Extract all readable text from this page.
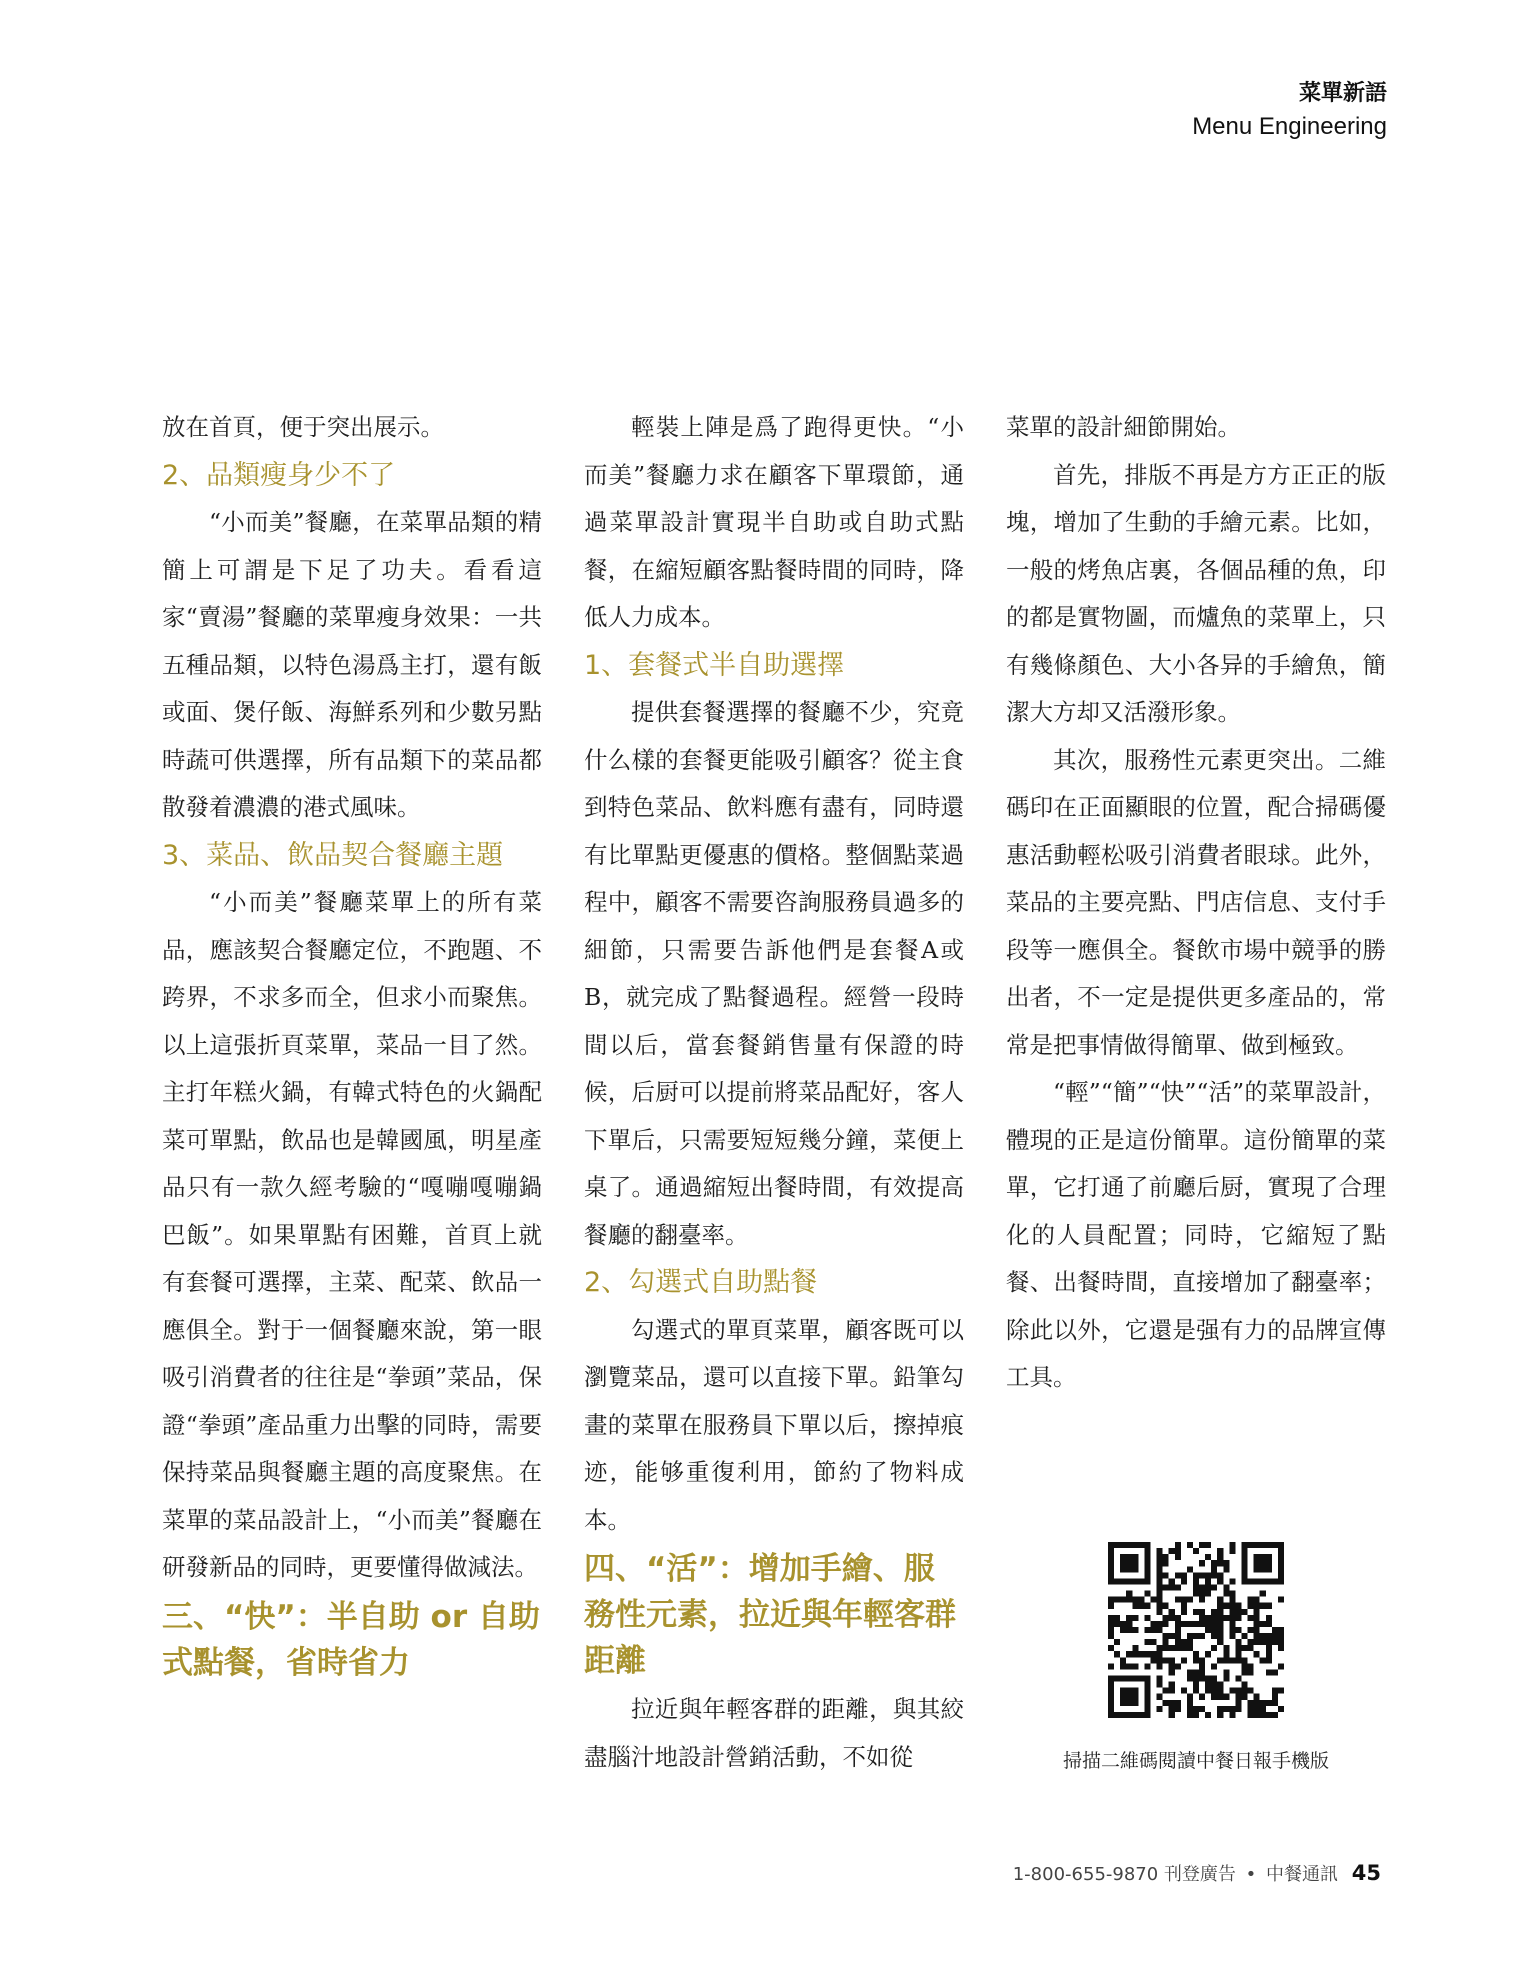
菜單新語
Menu Engineering

放在首頁，便于突出展示。

2、品類瘦身少不了

“小而美”餐廳，在菜單品類的精簡上可謂是下足了功夫。看看這家“賣湯”餐廳的菜單瘦身效果：一共五種品類，以特色湯爲主打，還有飯或面、煲仔飯、海鮮系列和少數另點時蔬可供選擇，所有品類下的菜品都散發着濃濃的港式風味。

3、菜品、飲品契合餐廳主題

“小而美”餐廳菜單上的所有菜品，應該契合餐廳定位，不跑題、不跨界，不求多而全，但求小而聚焦。以上這張折頁菜單，菜品一目了然。主打年糕火鍋，有韓式特色的火鍋配菜可單點，飲品也是韓國風，明星產品只有一款久經考驗的“嘎嘣嘎嘣鍋巴飯”。如果單點有困難，首頁上就有套餐可選擇，主菜、配菜、飲品一應俱全。對于一個餐廳來說，第一眼吸引消費者的往往是“拳頭”菜品，保證“拳頭”產品重力出擊的同時，需要保持菜品與餐廳主題的高度聚焦。在菜單的菜品設計上，“小而美”餐廳在研發新品的同時，更要懂得做減法。

三、“快”：半自助 or 自助式點餐，省時省力

輕裝上陣是爲了跑得更快。“小而美”餐廳力求在顧客下單環節，通過菜單設計實現半自助或自助式點餐，在縮短顧客點餐時間的同時，降低人力成本。

1、套餐式半自助選擇

提供套餐選擇的餐廳不少，究竟什么樣的套餐更能吸引顧客？從主食到特色菜品、飲料應有盡有，同時還有比單點更優惠的價格。整個點菜過程中，顧客不需要咨詢服務員過多的細節，只需要告訴他們是套餐A或B，就完成了點餐過程。經營一段時間以后，當套餐銷售量有保證的時候，后厨可以提前將菜品配好，客人下單后，只需要短短幾分鐘，菜便上桌了。通過縮短出餐時間，有效提高餐廳的翻臺率。

2、勾選式自助點餐

勾選式的單頁菜單，顧客既可以瀏覽菜品，還可以直接下單。鉛筆勾畫的菜單在服務員下單以后，擦掉痕迹，能够重復利用，節約了物料成本。

四、“活”：增加手繪、服務性元素，拉近與年輕客群距離

拉近與年輕客群的距離，與其絞盡腦汁地設計營銷活動，不如從

菜單的設計細節開始。

首先，排版不再是方方正正的版塊，增加了生動的手繪元素。比如，一般的烤魚店裏，各個品種的魚，印的都是實物圖，而爐魚的菜單上，只有幾條顏色、大小各异的手繪魚，簡潔大方却又活潑形象。

其次，服務性元素更突出。二維碼印在正面顯眼的位置，配合掃碼優惠活動輕松吸引消費者眼球。此外，菜品的主要亮點、門店信息、支付手段等一應俱全。餐飲市場中競爭的勝出者，不一定是提供更多產品的，常常是把事情做得簡單、做到極致。

“輕”“簡”“快”“活”的菜單設計，體現的正是這份簡單。這份簡單的菜單，它打通了前廳后厨，實現了合理化的人員配置；同時，它縮短了點餐、出餐時間，直接增加了翻臺率；除此以外，它還是强有力的品牌宣傳工具。

掃描二維碼閱讀中餐日報手機版
1-800-655-9870 刊登廣告 • 中餐通訊 45
